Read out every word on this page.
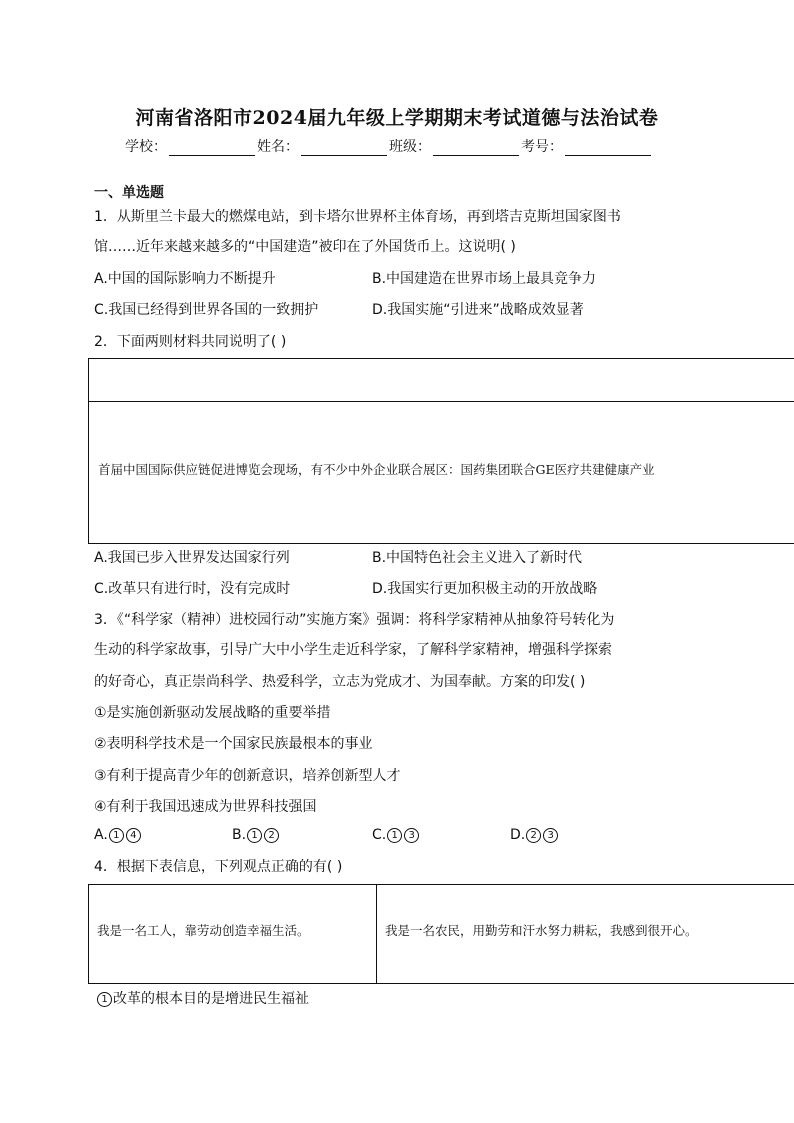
河南省洛阳市2024届九年级上学期期末考试道德与法治试卷
学校：	姓名：	班级：	考号：
一、单选题
1．从斯里兰卡最大的燃煤电站，到卡塔尔世界杯主体育场，再到塔吉克斯坦国家图书
馆……近年来越来越多的“中国建造”被印在了外国货币上。这说明( )
A.中国的国际影响力不断提升	B.中国建造在世界市场上最具竞争力
C.我国已经得到世界各国的一致拥护	D.我国实施“引进来”战略成效显著
2．下面两则材料共同说明了( )
首届中国国际供应链促进博览会现场，有不少中外企业联合展区：国药集团联合GE医疗共建健康产业
A.我国已步入世界发达国家行列	B.中国特色社会主义进入了新时代
C.改革只有进行时，没有完成时	D.我国实行更加积极主动的开放战略
3．《“科学家（精神）进校园行动”实施方案》强调：将科学家精神从抽象符号转化为
生动的科学家故事，引导广大中小学生走近科学家，了解科学家精神，增强科学探索
的好奇心，真正崇尚科学、热爱科学，立志为党成才、为国奉献。方案的印发( )
①是实施创新驱动发展战略的重要举措
②表明科学技术是一个国家民族最根本的事业
③有利于提高青少年的创新意识，培养创新型人才
④有利于我国迅速成为世界科技强国
A. 1 4	B. 1 2	C. 1 3	D. 2 3
4．根据下表信息，下列观点正确的有( )
我是一名工人，靠劳动创造幸福生活。	我是一名农民，用勤劳和汗水努力耕耘，我感到很开心。
1 改革的根本目的是增进民生福祉
